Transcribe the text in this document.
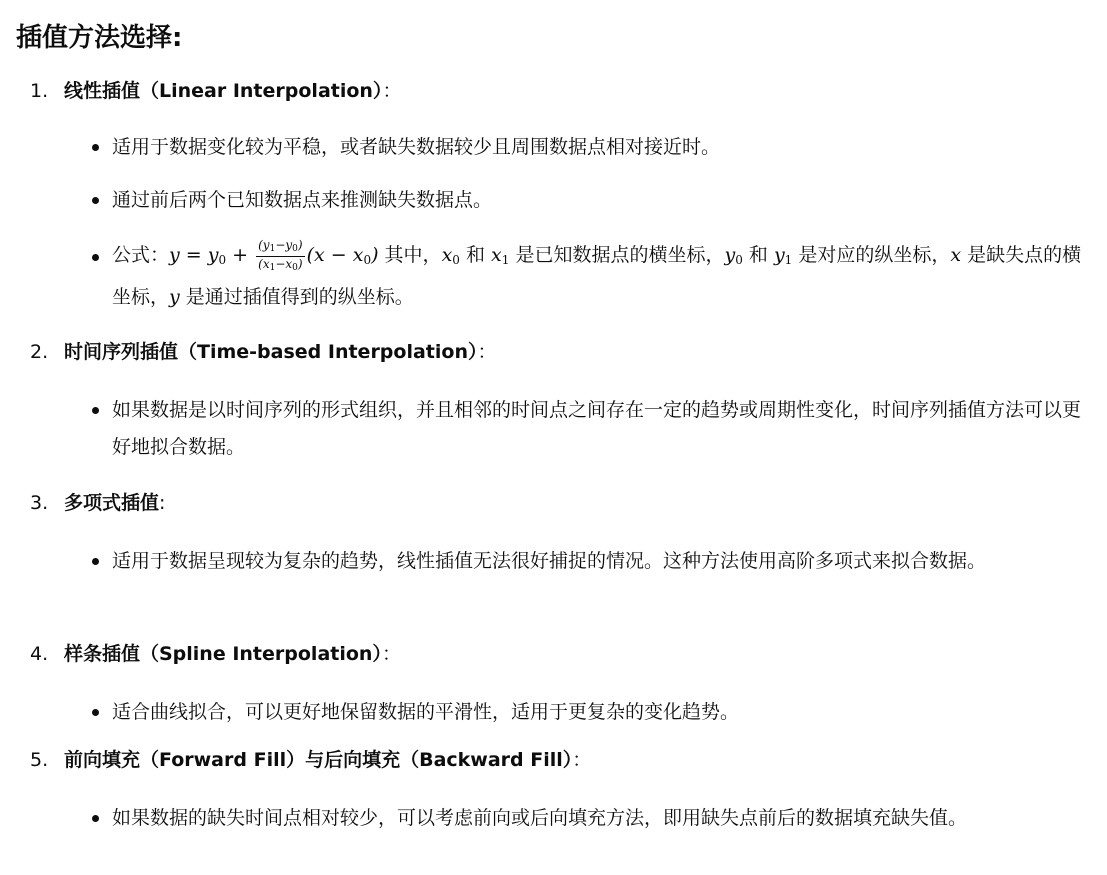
插值方法选择:
1. 线性插值（Linear Interpolation）：
适用于数据变化较为平稳，或者缺失数据较少且周围数据点相对接近时。
通过前后两个已知数据点来推测缺失数据点。
公式：$y = y_0 + \frac{(y_1-y_0)}{(x_1-x_0)} (x - x_0)$ 其中，$x_0$ 和 $x_1$ 是已知数据点的横坐标，$y_0$ 和 $y_1$ 是对应的纵坐标，x 是缺失点的横坐标，y 是通过插值得到的纵坐标。
2. 时间序列插值（Time-based Interpolation）：
如果数据是以时间序列的形式组织，并且相邻的时间点之间存在一定的趋势或周期性变化，时间序列插值方法可以更好地拟合数据。
3. 多项式插值:
适用于数据呈现较为复杂的趋势，线性插值无法很好捕捉的情况。这种方法使用高阶多项式来拟合数据。
4. 样条插值（Spline Interpolation）：
适合曲线拟合，可以更好地保留数据的平滑性，适用于更复杂的变化趋势。
5. 前向填充（Forward Fill）与后向填充（Backward Fill）：
如果数据的缺失时间点相对较少，可以考虑前向或后向填充方法，即用缺失点前后的数据填充缺失值。
